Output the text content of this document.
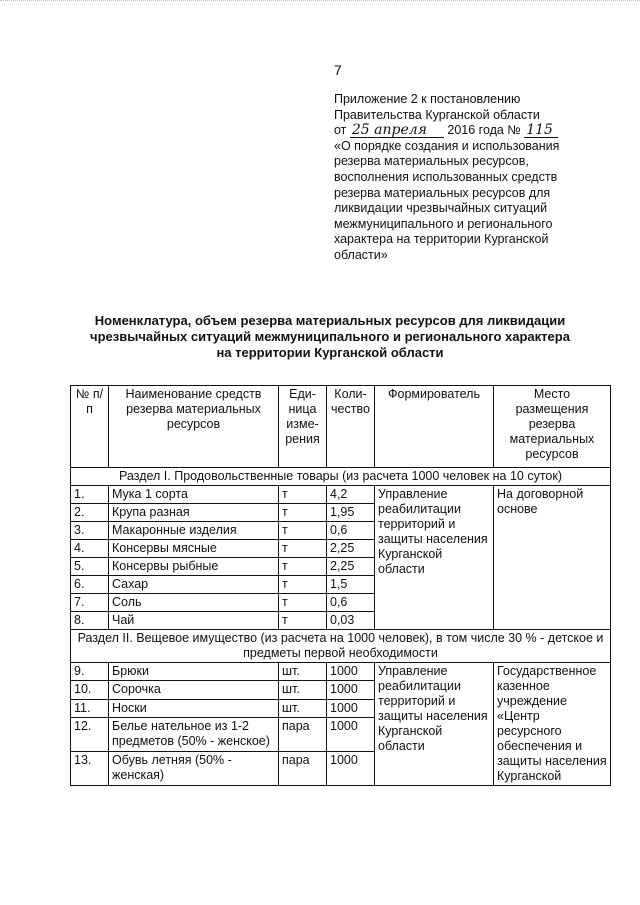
7
Приложение 2 к постановлению
Правительства Курганской области
от 25 апреля 2016 года № 115
«О порядке создания и использования
резерва материальных ресурсов,
восполнения использованных средств
резерва материальных ресурсов для
ликвидации чрезвычайных ситуаций
межмуниципального и регионального
характера на территории Курганской
области»
Номенклатура, объем резерва материальных ресурсов для ликвидации
чрезвычайных ситуаций межмуниципального и регионального характера
на территории Курганской области
№ п/п	Наименование средств резерва материальных ресурсов	Еди- ница изме- рения	Коли- чество	Формирователь	Место размещения резерва материальных ресурсов
Раздел I. Продовольственные товары (из расчета 1000 человек на 10 суток)					
1.	Мука 1 сорта	т	4,2	Управление реабилитации территорий и защиты населения Курганской области	На договорной основе
2.	Крупа разная	т	1,95		
3.	Макаронные изделия	т	0,6		
4.	Консервы мясные	т	2,25		
5.	Консервы рыбные	т	2,25		
6.	Сахар	т	1,5		
7.	Соль	т	0,6		
8.	Чай	т	0,03		
Раздел II. Вещевое имущество (из расчета на 1000 человек), в том числе 30 % - детское и предметы первой необходимости					
9.	Брюки	шт.	1000	Управление реабилитации территорий и защиты населения Курганской области	Государственное казенное учреждение «Центр ресурсного обеспечения и защиты населения Курганской
10.	Сорочка	шт.	1000		
11.	Носки	шт.	1000		
12.	Белье нательное из 1-2 предметов (50% - женское)	пара	1000		
13.	Обувь летняя (50% - женская)	пара	1000		
